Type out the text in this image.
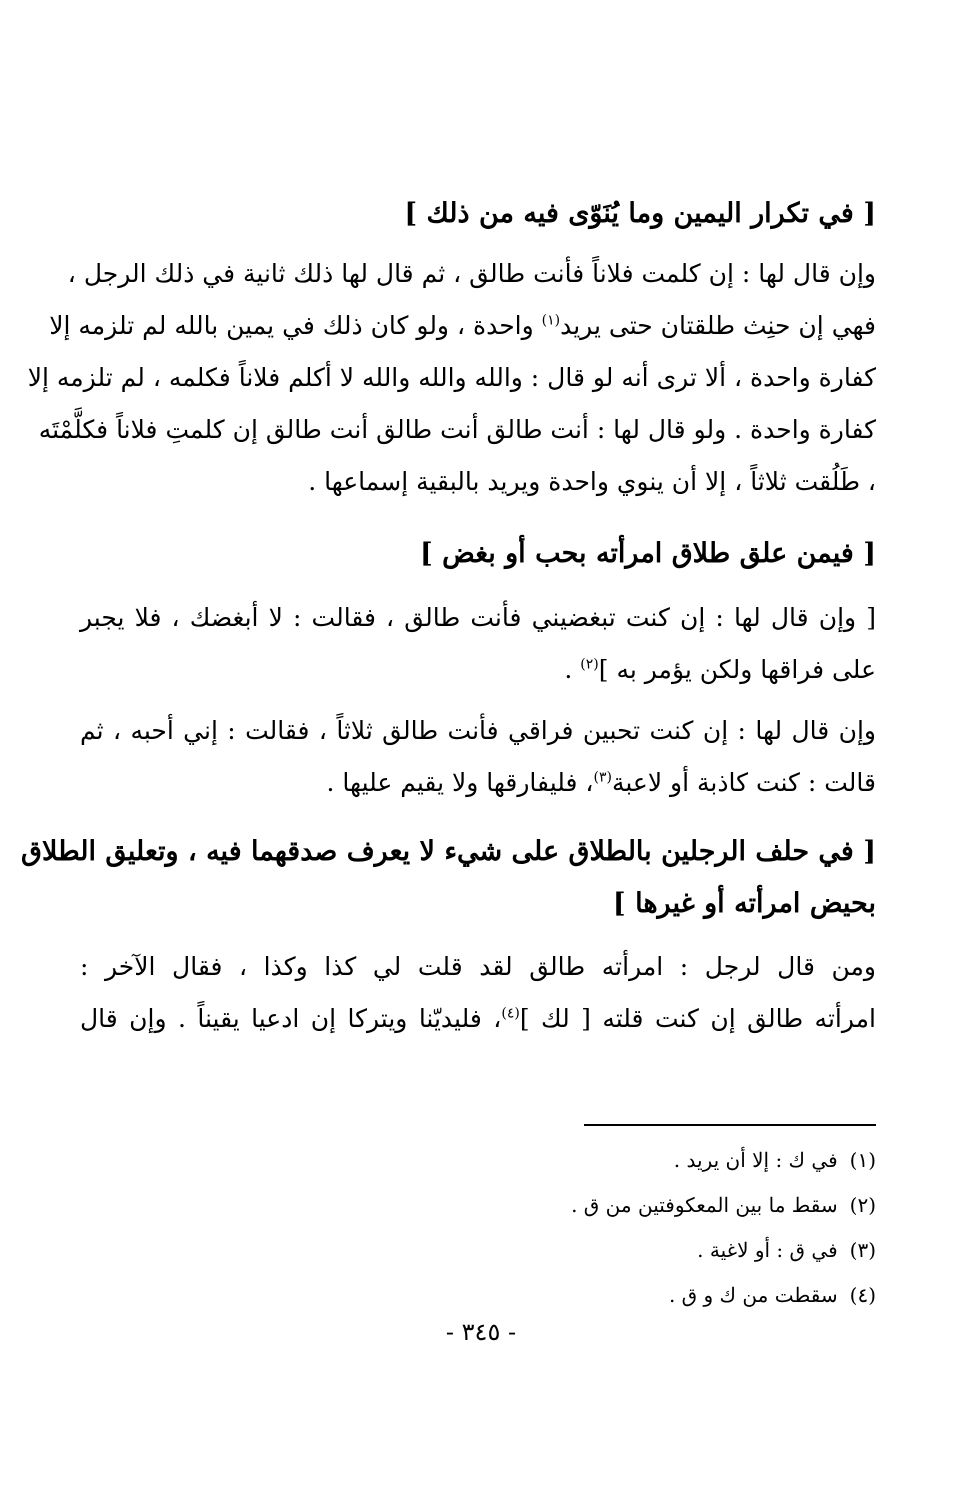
[ في تكرار اليمين وما يُنَوّى فيه من ذلك ]

وإن قال لها : إن كلمت فلاناً فأنت طالق ، ثم قال لها ذلك ثانية في ذلك الرجل ،
فهي إن حنِث طلقتان حتى يريد$^{(١)}$ واحدة ، ولو كان ذلك في يمين بالله لم تلزمه إلا
كفارة واحدة ، ألا ترى أنه لو قال : والله والله والله لا أكلم فلاناً فكلمه ، لم تلزمه إلا
كفارة واحدة . ولو قال لها : أنت طالق أنت طالق أنت طالق إن كلمتِ فلاناً فكلَّمْتَه
، طَلُقت ثلاثاً ، إلا أن ينوي واحدة ويريد بالبقية إسماعها .

[ فيمن علق طلاق امرأته بحب أو بغض ]

[ وإن قال لها : إن كنت تبغضيني فأنت طالق ، فقالت : لا أبغضك ، فلا يجبر
على فراقها ولكن يؤمر به ]$^{(٢)}$ .

وإن قال لها : إن كنت تحبين فراقي فأنت طالق ثلاثاً ، فقالت : إني أحبه ، ثم
قالت : كنت كاذبة أو لاعبة$^{(٣)}$، فليفارقها ولا يقيم عليها .

[ في حلف الرجلين بالطلاق على شيء لا يعرف صدقهما فيه ، وتعليق الطلاق
بحيض امرأته أو غيرها ]

ومن قال لرجل : امرأته طالق لقد قلت لي كذا وكذا ، فقال الآخر :
امرأته طالق إن كنت قلته [ لك ]$^{(٤)}$، فليديّنا ويتركا إن ادعيا يقيناً . وإن قال

(١)في ك : إلا أن يريد .
(٢)سقط ما بين المعكوفتين من ق .
(٣)في ق : أو لاغية .
(٤)سقطت من ك و ق .
- ٣٤٥ -
